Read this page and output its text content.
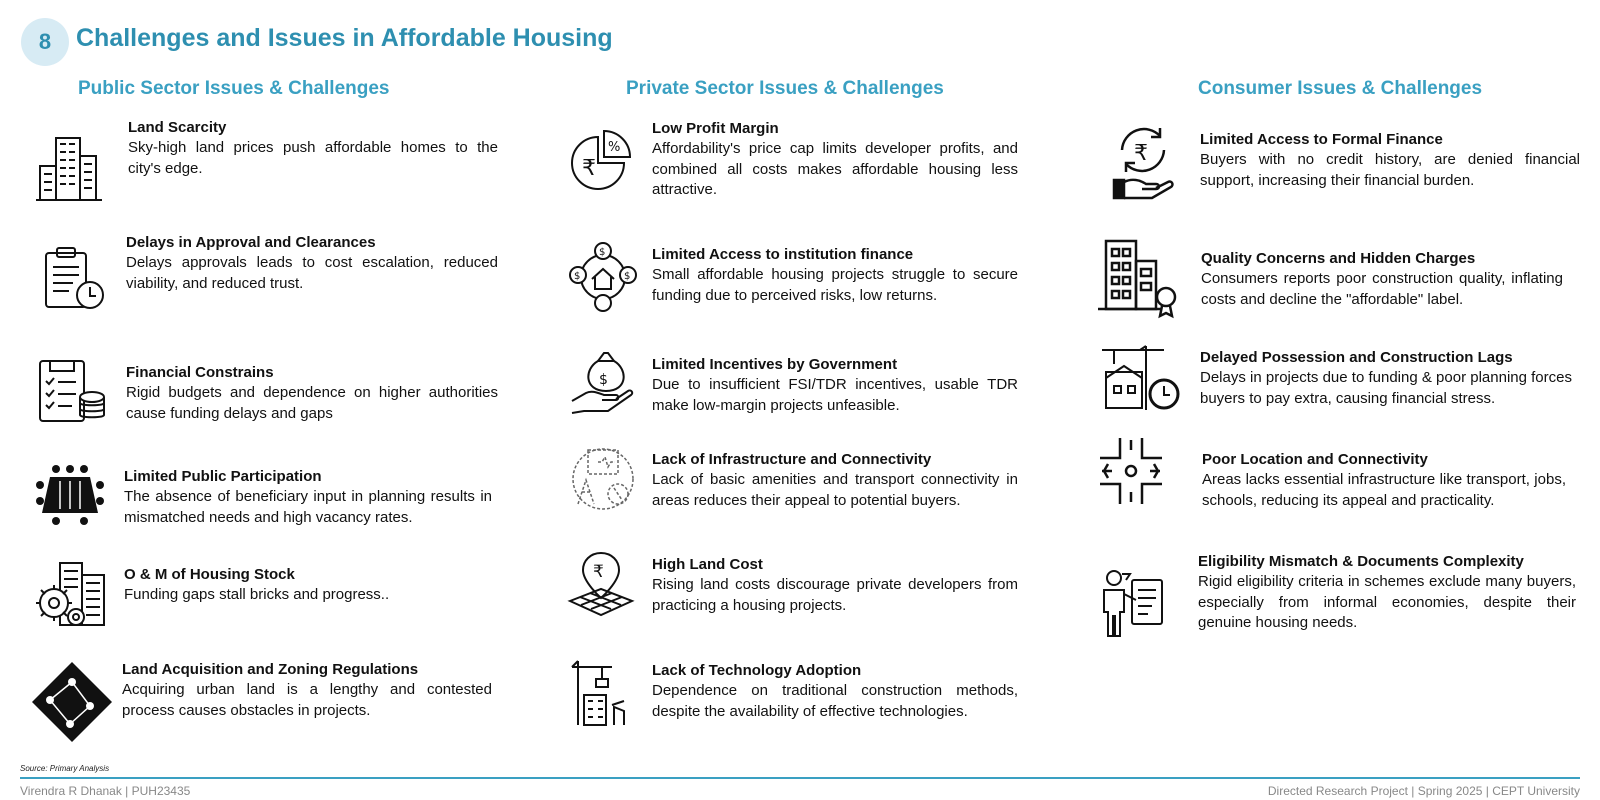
8 Challenges and Issues in Affordable Housing
Public Sector Issues & Challenges	Private Sector Issues & Challenges	Consumer Issues & Challenges
Land Scarcity

Sky-high land prices push affordable homes to the city's edge.

Delays in Approval and Clearances

Delays approvals leads to cost escalation, reduced viability, and reduced trust.

Financial Constrains

Rigid budgets and dependence on higher authorities cause funding delays and gaps

Limited Public Participation

The absence of beneficiary input in planning results in mismatched needs and high vacancy rates.

O & M of Housing Stock

Funding gaps stall bricks and progress..

Land Acquisition and Zoning Regulations

Acquiring urban land is a lengthy and contested process causes obstacles in projects.

%
₹
Low Profit Margin

Affordability's price cap limits developer profits, and combined all costs makes affordable housing less attractive.

$
$	$
Limited Access to institution finance

Small affordable housing projects struggle to secure funding due to perceived risks, low returns.

$
Limited Incentives by Government

Due to insufficient FSI/TDR incentives, usable TDR make low-margin projects unfeasible.

Lack of Infrastructure and Connectivity

Lack of basic amenities and transport connectivity in areas reduces their appeal to potential buyers.

₹	High Land Cost

Rising land costs discourage private developers from practicing a housing projects.

Lack of Technology Adoption

Dependence on traditional construction methods, despite the availability of effective technologies.

₹
Limited Access to Formal Finance

Buyers with no credit history, are denied financial support, increasing their financial burden.

Quality Concerns and Hidden Charges

Consumers reports poor construction quality, inflating costs and decline the "affordable" label.

Delayed Possession and Construction Lags

Delays in projects due to funding & poor planning forces buyers to pay extra, causing financial stress.

Poor Location and Connectivity

Areas lacks essential infrastructure like transport, jobs, schools, reducing its appeal and practicality.

Eligibility Mismatch & Documents Complexity

Rigid eligibility criteria in schemes exclude many buyers, especially from informal economies, despite their genuine housing needs.

Source: Primary Analysis
Virendra R Dhanak | PUH23435	Directed Research Project | Spring 2025 | CEPT University
